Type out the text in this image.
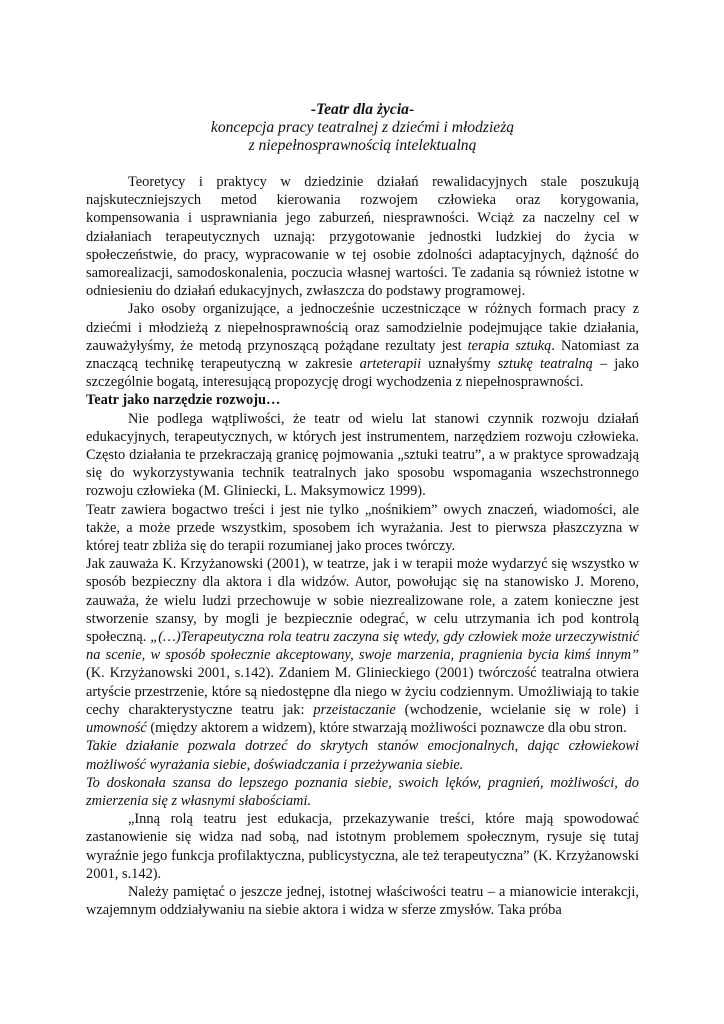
-Teatr dla życia-
koncepcja pracy teatralnej z dziećmi i młodzieżą
z niepełnosprawnością intelektualną

Teoretycy i praktycy w dziedzinie działań rewalidacyjnych stale poszukują najskuteczniejszych metod kierowania rozwojem człowieka oraz korygowania, kompensowania i usprawniania jego zaburzeń, niesprawności. Wciąż za naczelny cel w działaniach terapeutycznych uznają: przygotowanie jednostki ludzkiej do życia w społeczeństwie, do pracy, wypracowanie w tej osobie zdolności adaptacyjnych, dążność do samorealizacji, samodoskonalenia, poczucia własnej wartości. Te zadania są również istotne w odniesieniu do działań edukacyjnych, zwłaszcza do podstawy programowej.

Jako osoby organizujące, a jednocześnie uczestniczące w różnych formach pracy z dziećmi i młodzieżą z niepełnosprawnością oraz samodzielnie podejmujące takie działania, zauważyłyśmy, że metodą przynoszącą pożądane rezultaty jest terapia sztuką. Natomiast za znaczącą technikę terapeutyczną w zakresie arteterapii uznałyśmy sztukę teatralną – jako szczególnie bogatą, interesującą propozycję drogi wychodzenia z niepełnosprawności.

Teatr jako narzędzie rozwoju…

Nie podlega wątpliwości, że teatr od wielu lat stanowi czynnik rozwoju działań edukacyjnych, terapeutycznych, w których jest instrumentem, narzędziem rozwoju człowieka. Często działania te przekraczają granicę pojmowania „sztuki teatru”, a w praktyce sprowadzają się do wykorzystywania technik teatralnych jako sposobu wspomagania wszechstronnego rozwoju człowieka (M. Gliniecki, L. Maksymowicz 1999).

Teatr zawiera bogactwo treści i jest nie tylko „nośnikiem” owych znaczeń, wiadomości, ale także, a może przede wszystkim, sposobem ich wyrażania. Jest to pierwsza płaszczyzna w której teatr zbliża się do terapii rozumianej jako proces twórczy.

Jak zauważa K. Krzyżanowski (2001), w teatrze, jak i w terapii może wydarzyć się wszystko w sposób bezpieczny dla aktora i dla widzów. Autor, powołując się na stanowisko J. Moreno, zauważa, że wielu ludzi przechowuje w sobie niezrealizowane role, a zatem konieczne jest stworzenie szansy, by mogli je bezpiecznie odegrać, w celu utrzymania ich pod kontrolą społeczną. „(…)Terapeutyczna rola teatru zaczyna się wtedy, gdy człowiek może urzeczywistnić na scenie, w sposób społecznie akceptowany, swoje marzenia, pragnienia bycia kimś innym” (K. Krzyżanowski 2001, s.142). Zdaniem M. Glinieckiego (2001) twórczość teatralna otwiera artyście przestrzenie, które są niedostępne dla niego w życiu codziennym. Umożliwiają to takie cechy charakterystyczne teatru jak: przeistaczanie (wchodzenie, wcielanie się w role) i umowność (między aktorem a widzem), które stwarzają możliwości poznawcze dla obu stron.

Takie działanie pozwala dotrzeć do skrytych stanów emocjonalnych, dając człowiekowi możliwość wyrażania siebie, doświadczania i przeżywania siebie.

To doskonała szansa do lepszego poznania siebie, swoich lęków, pragnień, możliwości, do zmierzenia się z własnymi słabościami.

„Inną rolą teatru jest edukacja, przekazywanie treści, które mają spowodować zastanowienie się widza nad sobą, nad istotnym problemem społecznym, rysuje się tutaj wyraźnie jego funkcja profilaktyczna, publicystyczna, ale też terapeutyczna” (K. Krzyżanowski 2001, s.142).

Należy pamiętać o jeszcze jednej, istotnej właściwości teatru – a mianowicie interakcji, wzajemnym oddziaływaniu na siebie aktora i widza w sferze zmysłów. Taka próba
